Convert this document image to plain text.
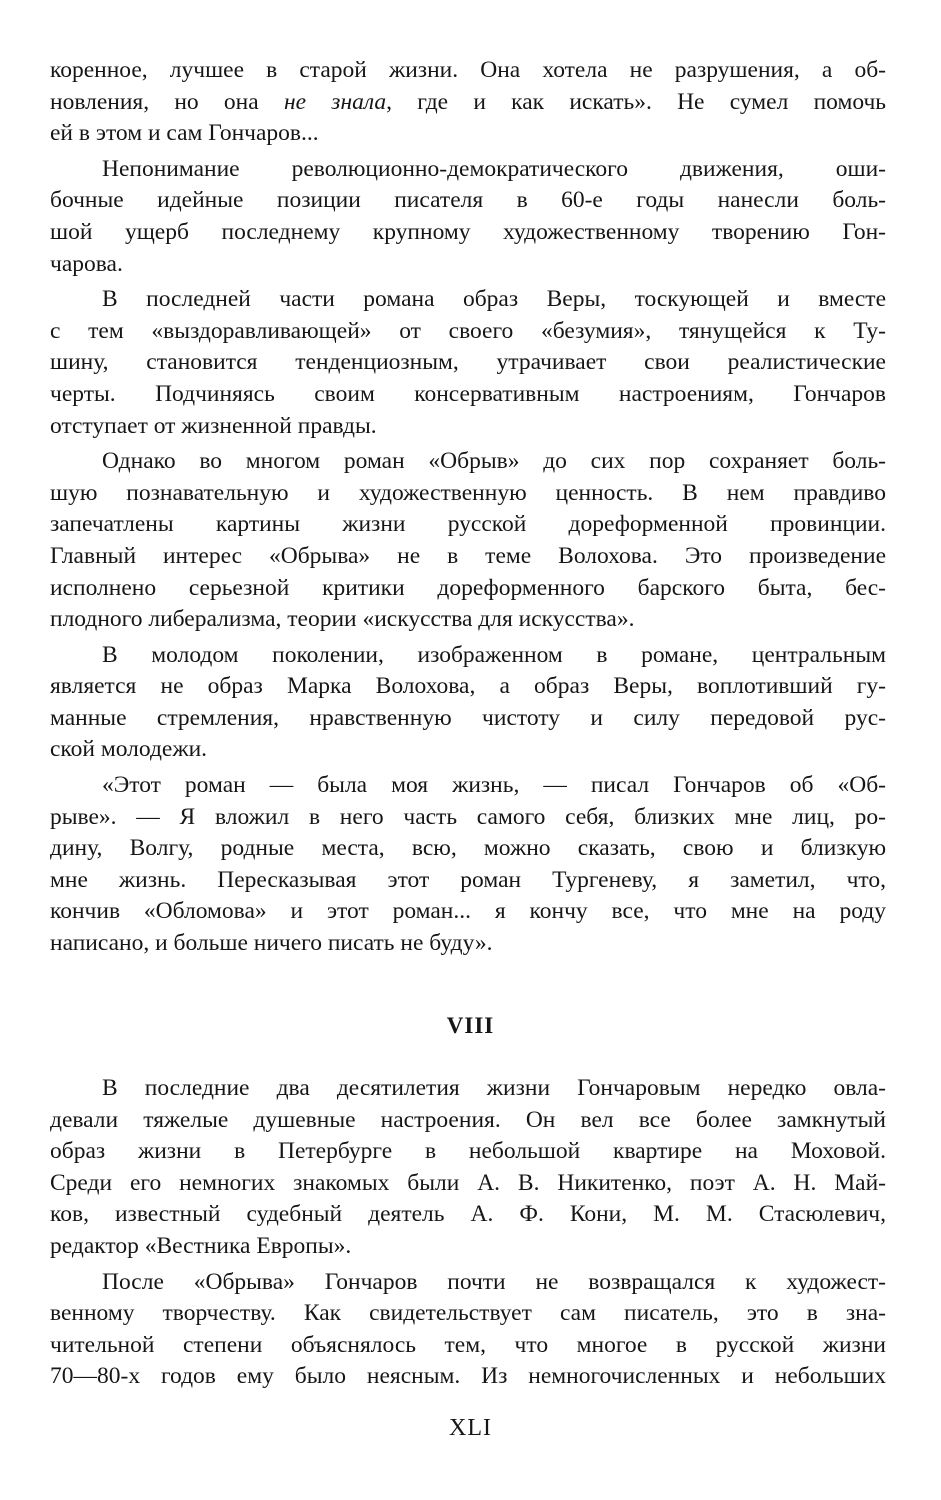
коренное, лучшее в старой жизни. Она хотела не разрушения, а об-
нoвления, но она не знала, где и как искать». Не сумел помочь
ей в этом и сам Гончаров...
Непонимание революционно-демократического движения, оши-
бочные идейные позиции писателя в 60-е годы нанесли боль-
шой ущерб последнему крупному художественному творению Гон-
чарова.
В последней части романа образ Веры, тоскующей и вместе
с тем «выздоравливающей» от своего «безумия», тянущейся к Ту-
шину, становится тенденциозным, утрачивает свои реалистические
черты. Подчиняясь своим консервативным настроениям, Гончаров
отступает от жизненной правды.
Однако во многом роман «Обрыв» до сих пор сохраняет боль-
шую познавательную и художественную ценность. В нем правдиво
запечатлены картины жизни русской дореформенной провинции.
Главный интерес «Обрыва» не в теме Волохова. Это произведение
исполнено серьезной критики дореформенного барского быта, бес-
плодного либерализма, теории «искусства для искусства».
В молодом поколении, изображенном в романе, центральным
является не образ Марка Волохова, а образ Веры, воплотивший гу-
манные стремления, нравственную чистоту и силу передовой рус-
ской молодежи.
«Этот роман — была моя жизнь, — писал Гончаров об «Об-
рыве». — Я вложил в него часть самого себя, близких мне лиц, ро-
дину, Волгу, родные места, всю, можно сказать, свою и близкую
мне жизнь. Пересказывая этот роман Тургеневу, я заметил, что,
кончив «Обломова» и этот роман... я кончу все, что мне на роду
написано, и больше ничего писать не буду».
VIII
В последние два десятилетия жизни Гончаровым нередко овла-
девали тяжелые душевные настроения. Он вел все более замкнутый
образ жизни в Петербурге в небольшой квартире на Моховой.
Среди его немногих знакомых были А. В. Никитенко, поэт А. Н. Май-
ков, известный судебный деятель А. Ф. Кони, М. М. Стасюлевич,
редактор «Вестника Европы».
После «Обрыва» Гончаров почти не возвращался к художест-
венному творчеству. Как свидетельствует сам писатель, это в зна-
чительной степени объяснялось тем, что многое в русской жизни
70—80-х годов ему было неясным. Из немногочисленных и небольших
XLI
